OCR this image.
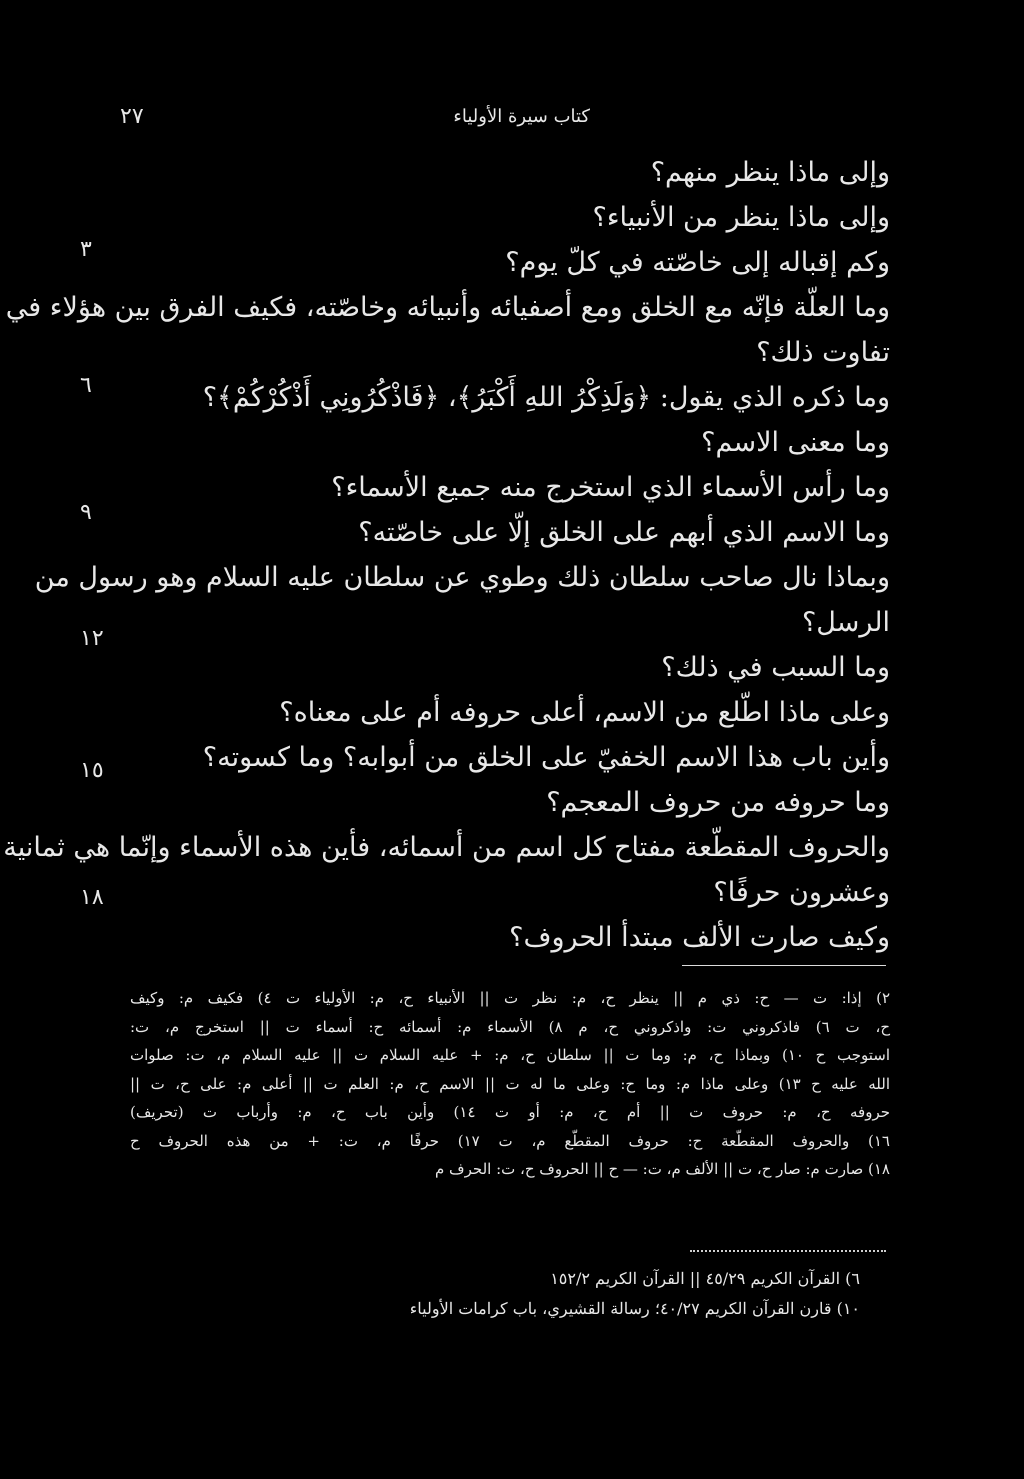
٢٧	كتاب سيرة الأولياء
٣
٦
٩
١٢
١٥
١٨
وإلى ماذا ينظر منهم؟
وإلى ماذا ينظر من الأنبياء؟
وكم إقباله إلى خاصّته في كلّ يوم؟
وما العلّة فإنّه مع الخلق ومع أصفيائه وأنبيائه وخاصّته، فكيف الفرق بين هؤلاء في
تفاوت ذلك؟
وما ذكره الذي يقول: ﴿وَلَذِكْرُ اللهِ أَكْبَرُ﴾، ﴿فَاذْكُرُونِي أَذْكُرْكُمْ﴾؟
وما معنى الاسم؟
وما رأس الأسماء الذي استخرج منه جميع الأسماء؟
وما الاسم الذي أبهم على الخلق إلّا على خاصّته؟
وبماذا نال صاحب سلطان ذلك وطوي عن سلطان عليه السلام وهو رسول من
الرسل؟
وما السبب في ذلك؟
وعلى ماذا اطّلع من الاسم، أعلى حروفه أم على معناه؟
وأين باب هذا الاسم الخفيّ على الخلق من أبوابه؟ وما كسوته؟
وما حروفه من حروف المعجم؟
والحروف المقطّعة مفتاح كل اسم من أسمائه، فأين هذه الأسماء وإنّما هي ثمانية
وعشرون حرفًا؟
وكيف صارت الألف مبتدأ الحروف؟
٢) إذا: ت — ح: ذي م || ينظر ح، م: نظر ت || الأنبياء ح، م: الأولياء ت ٤) فكيف م: وكيف
ح، ت ٦) فاذكروني ت: واذكروني ح، م ٨) الأسماء م: أسمائه ح: أسماء ت || استخرج م، ت:
استوجب ح ١٠) وبماذا ح، م: وما ت || سلطان ح، م: + عليه السلام ت || عليه السلام م، ت: صلوات
الله عليه ح ١٣) وعلى ماذا م: وما ح: وعلى ما له ت || الاسم ح، م: العلم ت || أعلى م: على ح، ت ||
حروفه ح، م: حروف ت || أم ح، م: أو ت ١٤) وأين باب ح، م: وأرباب ت (تحريف)
١٦) والحروف المقطّعة ح: حروف المقطّع م، ت ١٧) حرفًا م، ت: + من هذه الحروف ح
١٨) صارت م: صار ح، ت || الألف م، ت: — ح || الحروف ح، ت: الحرف م
٦) القرآن الكريم ٤٥/٢٩ || القرآن الكريم ١٥٢/٢
١٠) قارن القرآن الكريم ٤٠/٢٧؛ رسالة القشيري، باب كرامات الأولياء
